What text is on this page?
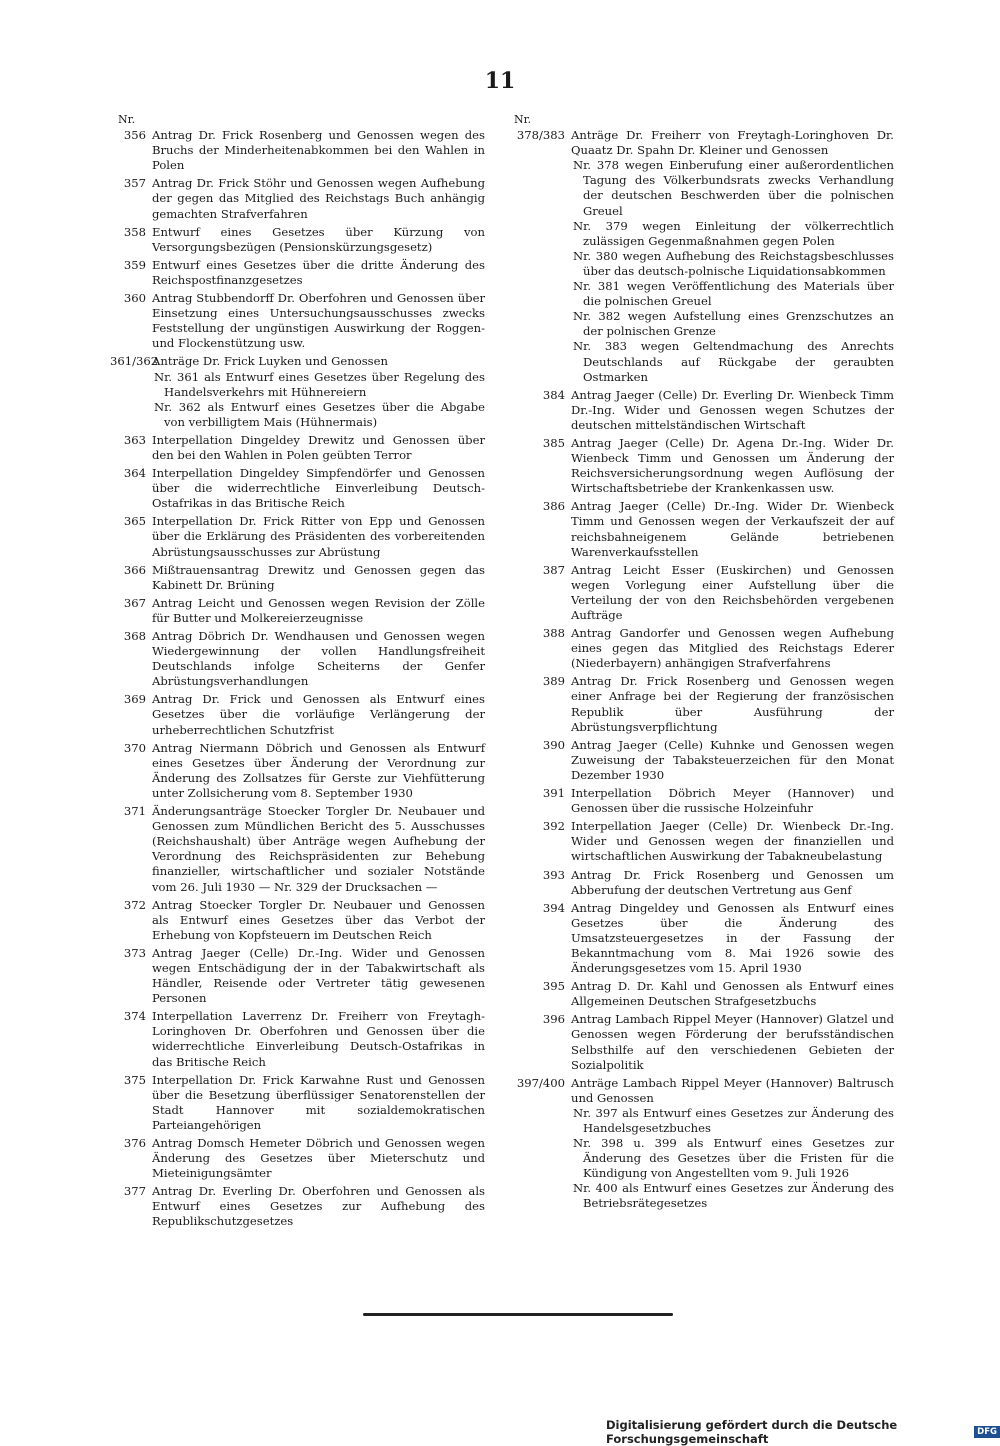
11
Nr.
356 Antrag Dr. Frick Rosenberg und Genossen wegen des Bruchs der Minderheitenabkommen bei den Wahlen in Polen
357 Antrag Dr. Frick Stöhr und Genossen wegen Aufhebung der gegen das Mitglied des Reichstags Buch anhängig gemachten Strafverfahren
358 Entwurf eines Gesetzes über Kürzung von Versorgungsbezügen (Pensionskürzungsgesetz)
359 Entwurf eines Gesetzes über die dritte Änderung des Reichspostfinanzgesetzes
360 Antrag Stubbendorff Dr. Oberfohren und Genossen über Einsetzung eines Untersuchungsausschusses zwecks Feststellung der ungünstigen Auswirkung der Roggen- und Flockenstützung usw.
361/362
Anträge Dr. Frick Luyken und Genossen
Nr. 361 als Entwurf eines Gesetzes über Regelung des Handelsverkehrs mit Hühnereiern
Nr. 362 als Entwurf eines Gesetzes über die Abgabe von verbilligtem Mais (Hühnermais)
363 Interpellation Dingeldey Drewitz und Genossen über den bei den Wahlen in Polen geübten Terror
364 Interpellation Dingeldey Simpfendörfer und Genossen über die widerrechtliche Einverleibung Deutsch-Ostafrikas in das Britische Reich
365 Interpellation Dr. Frick Ritter von Epp und Genossen über die Erklärung des Präsidenten des vorbereitenden Abrüstungsausschusses zur Abrüstung
366 Mißtrauensantrag Drewitz und Genossen gegen das Kabinett Dr. Brüning
367 Antrag Leicht und Genossen wegen Revision der Zölle für Butter und Molkereierzeugnisse
368 Antrag Döbrich Dr. Wendhausen und Genossen wegen Wiedergewinnung der vollen Handlungsfreiheit Deutschlands infolge Scheiterns der Genfer Abrüstungsverhandlungen
369 Antrag Dr. Frick und Genossen als Entwurf eines Gesetzes über die vorläufige Verlängerung der urheberrechtlichen Schutzfrist
370 Antrag Niermann Döbrich und Genossen als Entwurf eines Gesetzes über Änderung der Verordnung zur Änderung des Zollsatzes für Gerste zur Viehfütterung unter Zollsicherung vom 8. September 1930
371 Änderungsanträge Stoecker Torgler Dr. Neubauer und Genossen zum Mündlichen Bericht des 5. Ausschusses (Reichshaushalt) über Anträge wegen Aufhebung der Verordnung des Reichspräsidenten zur Behebung finanzieller, wirtschaftlicher und sozialer Notstände vom 26. Juli 1930 — Nr. 329 der Drucksachen —
372 Antrag Stoecker Torgler Dr. Neubauer und Genossen als Entwurf eines Gesetzes über das Verbot der Erhebung von Kopfsteuern im Deutschen Reich
373 Antrag Jaeger (Celle) Dr.-Ing. Wider und Genossen wegen Entschädigung der in der Tabakwirtschaft als Händler, Reisende oder Vertreter tätig gewesenen Personen
374 Interpellation Laverrenz Dr. Freiherr von Freytagh-Loringhoven Dr. Oberfohren und Genossen über die widerrechtliche Einverleibung Deutsch-Ostafrikas in das Britische Reich
375 Interpellation Dr. Frick Karwahne Rust und Genossen über die Besetzung überflüssiger Senatorenstellen der Stadt Hannover mit sozialdemokratischen Parteiangehörigen
376 Antrag Domsch Hemeter Döbrich und Genossen wegen Änderung des Gesetzes über Mieterschutz und Mieteinigungsämter
377 Antrag Dr. Everling Dr. Oberfohren und Genossen als Entwurf eines Gesetzes zur Aufhebung des Republikschutzgesetzes
Nr.
378/383 Anträge Dr. Freiherr von Freytagh-Loringhoven Dr. Quaatz Dr. Spahn Dr. Kleiner und Genossen
Nr. 378 wegen Einberufung einer außerordentlichen Tagung des Völkerbundsrats zwecks Verhandlung der deutschen Beschwerden über die polnischen Greuel
Nr. 379 wegen Einleitung der völkerrechtlich zulässigen Gegenmaßnahmen gegen Polen
Nr. 380 wegen Aufhebung des Reichstagsbeschlusses über das deutsch-polnische Liquidationsabkommen
Nr. 381 wegen Veröffentlichung des Materials über die polnischen Greuel
Nr. 382 wegen Aufstellung eines Grenzschutzes an der polnischen Grenze
Nr. 383 wegen Geltendmachung des Anrechts Deutschlands auf Rückgabe der geraubten Ostmarken
384 Antrag Jaeger (Celle) Dr. Everling Dr. Wienbeck Timm Dr.-Ing. Wider und Genossen wegen Schutzes der deutschen mittelständischen Wirtschaft
385 Antrag Jaeger (Celle) Dr. Agena Dr.-Ing. Wider Dr. Wienbeck Timm und Genossen um Änderung der Reichsversicherungsordnung wegen Auflösung der Wirtschaftsbetriebe der Krankenkassen usw.
386 Antrag Jaeger (Celle) Dr.-Ing. Wider Dr. Wienbeck Timm und Genossen wegen der Verkaufszeit der auf reichsbahneigenem Gelände betriebenen Warenverkaufsstellen
387 Antrag Leicht Esser (Euskirchen) und Genossen wegen Vorlegung einer Aufstellung über die Verteilung der von den Reichsbehörden vergebenen Aufträge
388 Antrag Gandorfer und Genossen wegen Aufhebung eines gegen das Mitglied des Reichstags Ederer (Niederbayern) anhängigen Strafverfahrens
389 Antrag Dr. Frick Rosenberg und Genossen wegen einer Anfrage bei der Regierung der französischen Republik über Ausführung der Abrüstungsverpflichtung
390 Antrag Jaeger (Celle) Kuhnke und Genossen wegen Zuweisung der Tabaksteuerzeichen für den Monat Dezember 1930
391 Interpellation Döbrich Meyer (Hannover) und Genossen über die russische Holzeinfuhr
392 Interpellation Jaeger (Celle) Dr. Wienbeck Dr.-Ing. Wider und Genossen wegen der finanziellen und wirtschaftlichen Auswirkung der Tabakneubelastung
393 Antrag Dr. Frick Rosenberg und Genossen um Abberufung der deutschen Vertretung aus Genf
394 Antrag Dingeldey und Genossen als Entwurf eines Gesetzes über die Änderung des Umsatzsteuergesetzes in der Fassung der Bekanntmachung vom 8. Mai 1926 sowie des Änderungsgesetzes vom 15. April 1930
395 Antrag D. Dr. Kahl und Genossen als Entwurf eines Allgemeinen Deutschen Strafgesetzbuchs
396 Antrag Lambach Rippel Meyer (Hannover) Glatzel und Genossen wegen Förderung der berufsständischen Selbsthilfe auf den verschiedenen Gebieten der Sozialpolitik
397/400 Anträge Lambach Rippel Meyer (Hannover) Baltrusch und Genossen
Nr. 397 als Entwurf eines Gesetzes zur Änderung des Handelsgesetzbuches
Nr. 398 u. 399 als Entwurf eines Gesetzes zur Änderung des Gesetzes über die Fristen für die Kündigung von Angestellten vom 9. Juli 1926
Nr. 400 als Entwurf eines Gesetzes zur Änderung des Betriebsrätegesetzes
Digitalisierung gefördert durch die Deutsche Forschungsgemeinschaft	DFG
